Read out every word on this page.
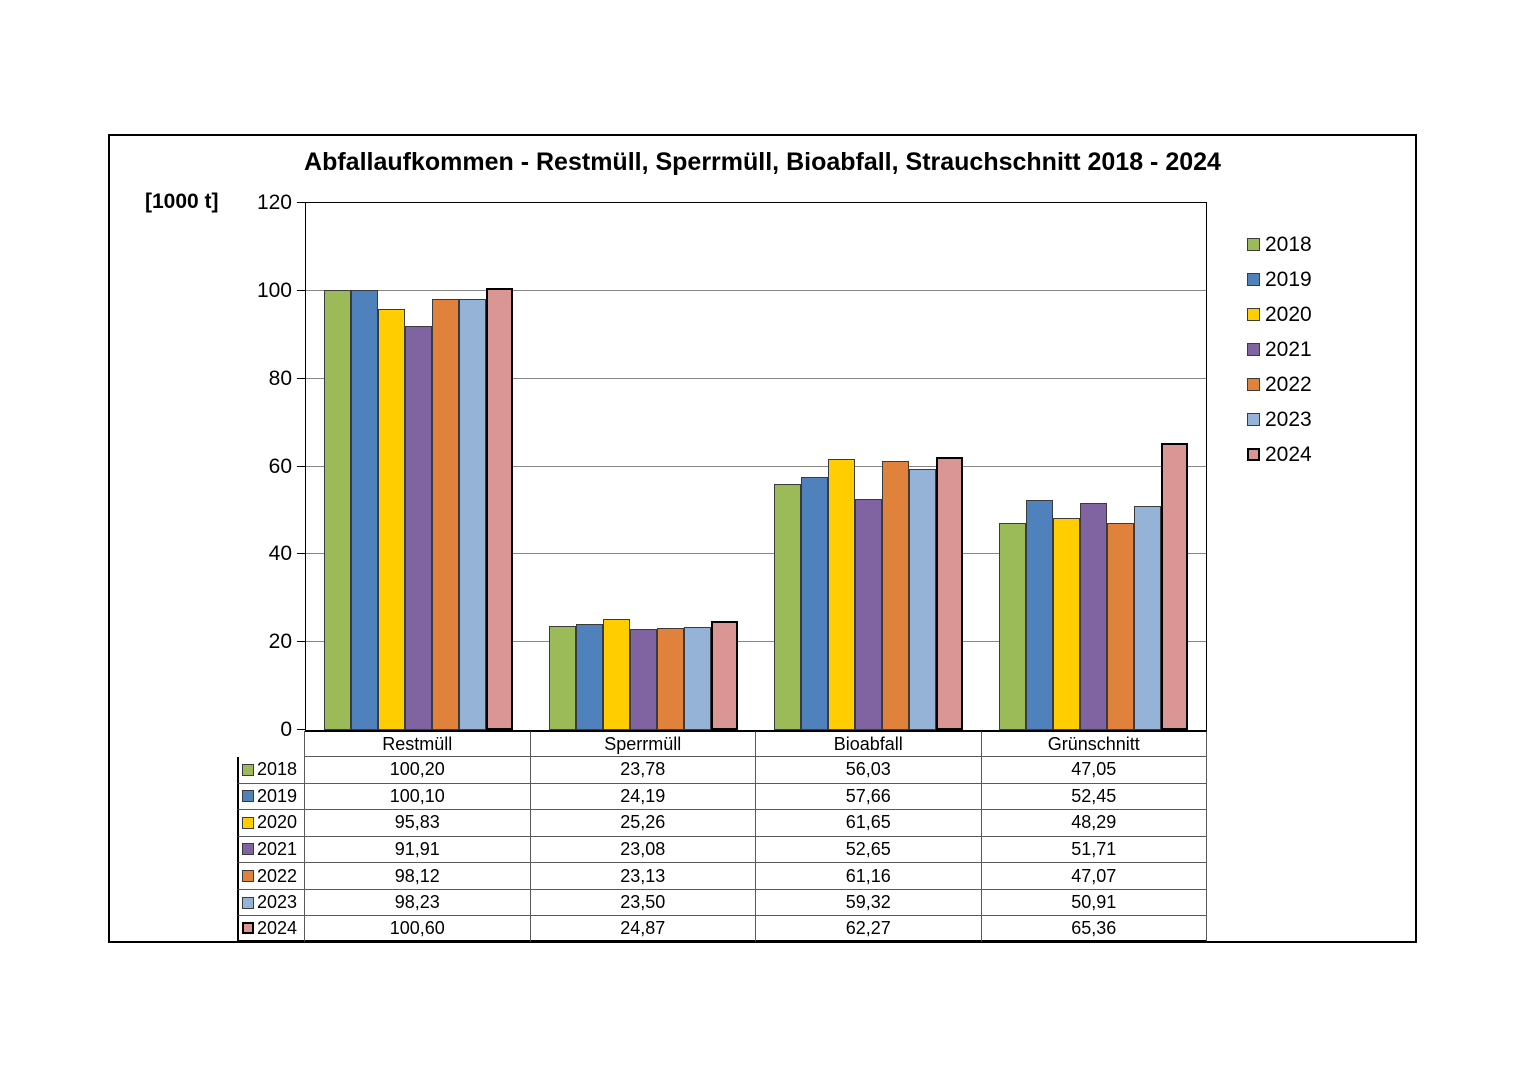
Abfallaufkommen - Restmüll, Sperrmüll, Bioabfall, Strauchschnitt 2018 - 2024
[1000 t]
0
20
40
60
80
100
120
2018
2019
2020
2021
2022
2023
2024
Restmüll	Sperrmüll	Bioabfall	Grünschnitt
2018	100,20	23,78	56,03	47,05
2019	100,10	24,19	57,66	52,45
2020	95,83	25,26	61,65	48,29
2021	91,91	23,08	52,65	51,71
2022	98,12	23,13	61,16	47,07
2023	98,23	23,50	59,32	50,91
2024	100,60	24,87	62,27	65,36
